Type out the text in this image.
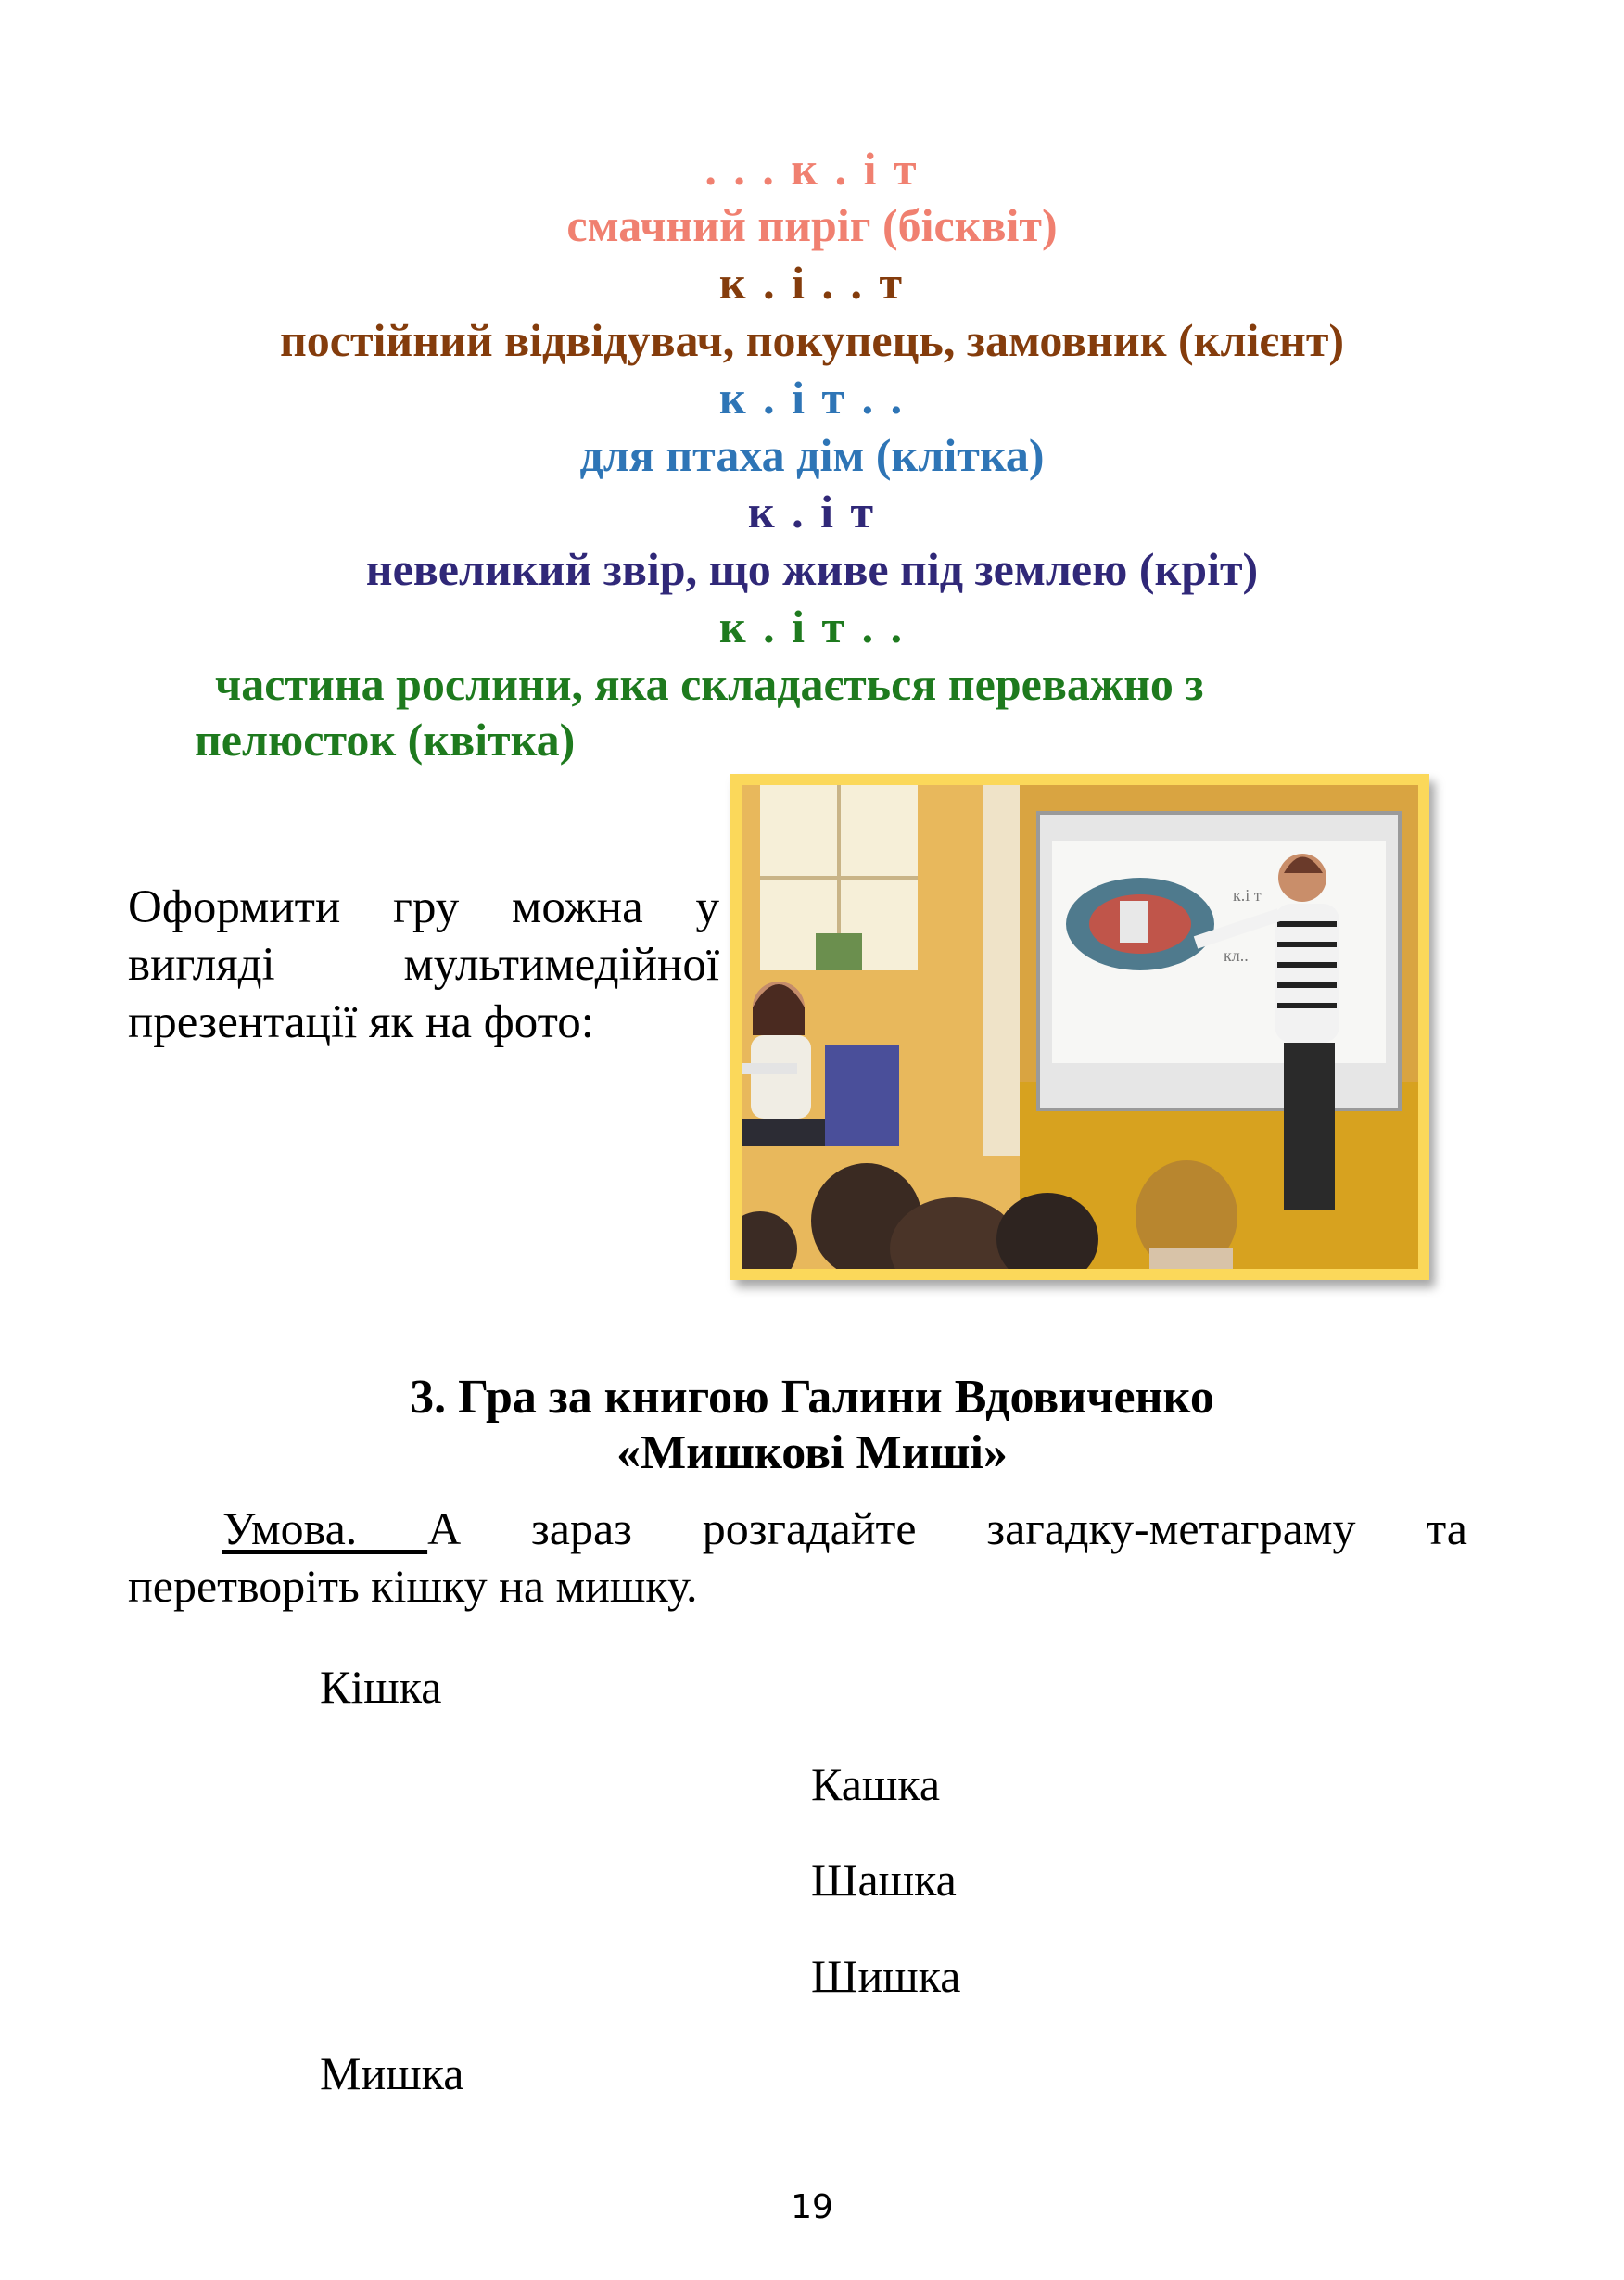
. . . к . і т
смачний пиріг (бісквіт)
к . і . . т
постійний відвідувач, покупець, замовник (клієнт)
к . і т . .
для птаха дім (клітка)
к . і т
невеликий звір, що живе під землею (кріт)
к . і т . .
частина рослини, яка складається переважно з
пелюсток (квітка)
Оформити гру можна у
вигляді мультимедійної
презентації як на фото:
к.і т
кл..
3. Гра за книгою Галини Вдовиченко
«Мишкові Миші»
Умова. А зараз розгадайте загадку-метаграму та
перетворіть кішку на мишку.
Кішка
Кашка
Шашка
Шишка
Мишка
19
